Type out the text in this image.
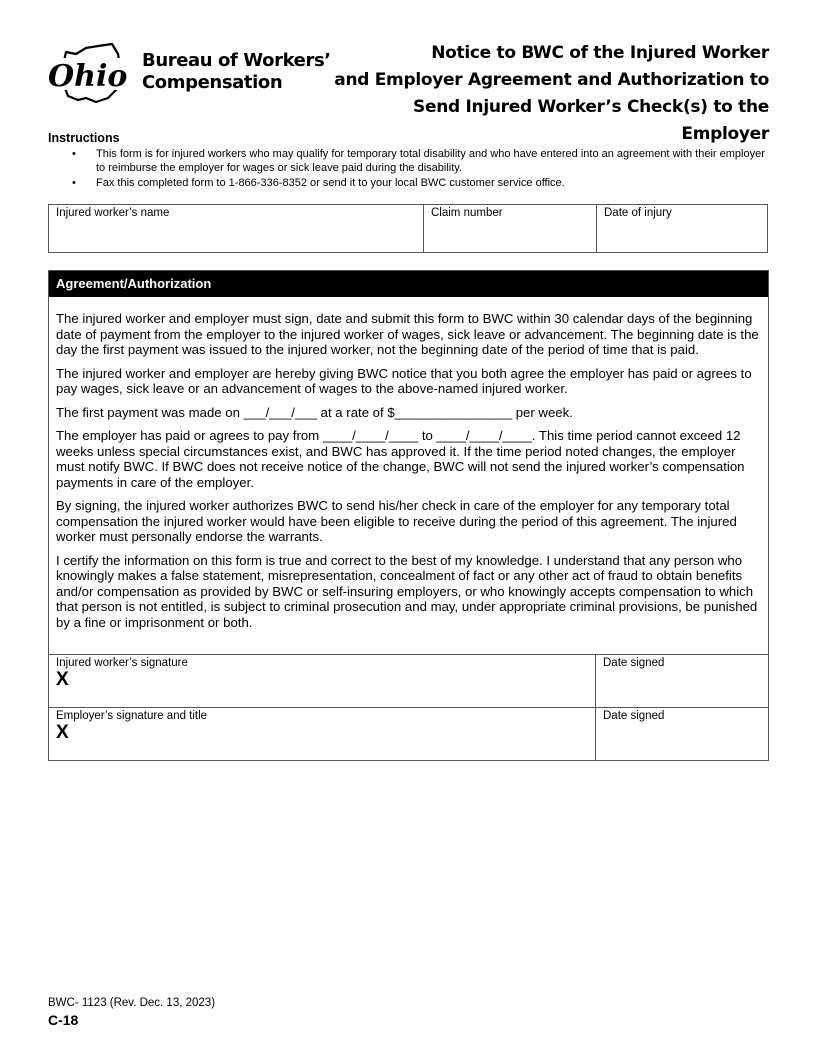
Ohio Bureau of Workers’
Compensation
Notice to BWC of the Injured Worker
and Employer Agreement and Authorization to
Send Injured Worker’s Check(s) to the Employer
Instructions
• This form is for injured workers who may qualify for temporary total disability and who have entered into an agreement with their employer to reimburse the employer for wages or sick leave paid during the disability.
• Fax this completed form to 1-866-336-8352 or send it to your local BWC customer service office.
Injured worker’s name	Claim number	Date of injury
Agreement/Authorization

The injured worker and employer must sign, date and submit this form to BWC within 30 calendar days of the beginning date of payment from the employer to the injured worker of wages, sick leave or advancement. The beginning date is the day the first payment was issued to the injured worker, not the beginning date of the period of time that is paid.

The injured worker and employer are hereby giving BWC notice that you both agree the employer has paid or agrees to pay wages, sick leave or an advancement of wages to the above-named injured worker.

The first payment was made on ___/___/___ at a rate of $________________ per week.

The employer has paid or agrees to pay from ____/____/____ to ____/____/____. This time period cannot exceed 12 weeks unless special circumstances exist, and BWC has approved it. If the time period noted changes, the employer must notify BWC. If BWC does not receive notice of the change, BWC will not send the injured worker’s compensation payments in care of the employer.

By signing, the injured worker authorizes BWC to send his/her check in care of the employer for any temporary total compensation the injured worker would have been eligible to receive during the period of this agreement. The injured worker must personally endorse the warrants.

I certify the information on this form is true and correct to the best of my knowledge. I understand that any person who knowingly makes a false statement, misrepresentation, concealment of fact or any other act of fraud to obtain benefits and/or compensation as provided by BWC or self-insuring employers, or who knowingly accepts compensation to which that person is not entitled, is subject to criminal prosecution and may, under appropriate criminal provisions, be punished by a fine or imprisonment or both.

Injured worker’s signature
X
Date signed
Employer’s signature and title
X
Date signed
BWC- 1123 (Rev. Dec. 13, 2023)
C-18
